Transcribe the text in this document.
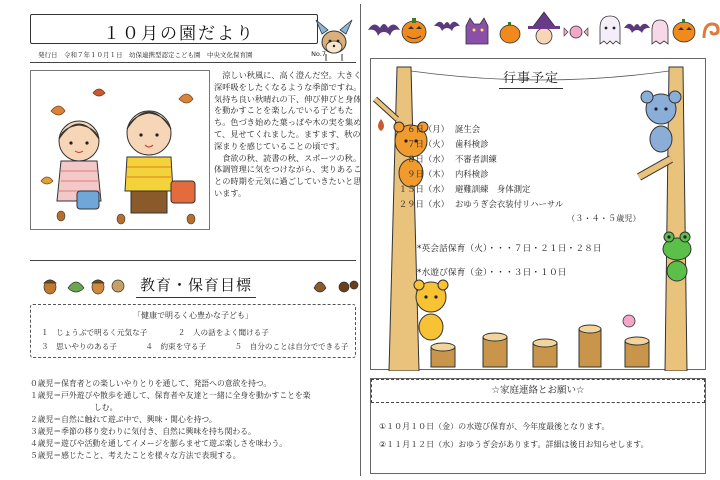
１０月の園だより
発行日　令和７年１０月１日　幼保連携型認定こども園　中央文化保育園	No.7

涼しい秋風に、高く澄んだ空。大きく深呼吸をしたくなるような季節ですね。

気持ち良い秋晴れの下、伸び伸びと身体を動かすことを楽しんでいる子どもたち。色づき始めた葉っぱや木の実を集めて、見せてくれました。ますます、秋の深まりを感じていることの頃です。

食欲の秋、読書の秋、スポーツの秋。体調管理に気をつけながら、実りあることの時期を元気に過ごしていきたいと思います。

教育・保育目標
「健康で明るく心豊かな子ども」
１　じょうぶで明るく元気な子	２　人の話をよく聞ける子
３　思いやりのある子	４　約束を守る子	５　自分のことは自分でできる子
０歳児＝保育者との楽しいやりとりを通して、発語への意欲を持つ。
１歳児＝戸外遊びや散歩を通して、保育者や友達と一緒に全身を動かすことを楽
しむ。
２歳児＝自然に触れて遊ぶ中で、興味・関心を持つ。
３歳児＝季節の移り変わりに気付き、自然に興味を持ち関わる。
４歳児＝遊びや活動を通してイメージを膨らませて遊ぶ楽しさを味わう。
５歳児＝感じたこと、考えたことを様々な方法で表現する。
行事予定
６日（月） 誕生会
７日（火） 歯科検診
８日（水） 不審者訓練
９日（木） 内科検診
１５日（水） 避難訓練　身体測定
２９日（水） おゆうぎ会衣装付リハーサル
（３・４・５歳児）
*英会話保育（火）・・・７日・２１日・２８日
*水遊び保育（金）・・・３日・１０日
☆家庭連絡とお願い☆
①１０月１０日（金）の水遊び保育が、今年度最後となります。
②１１月１２日（水）おゆうぎ会があります。詳細は後日お知らせします。
